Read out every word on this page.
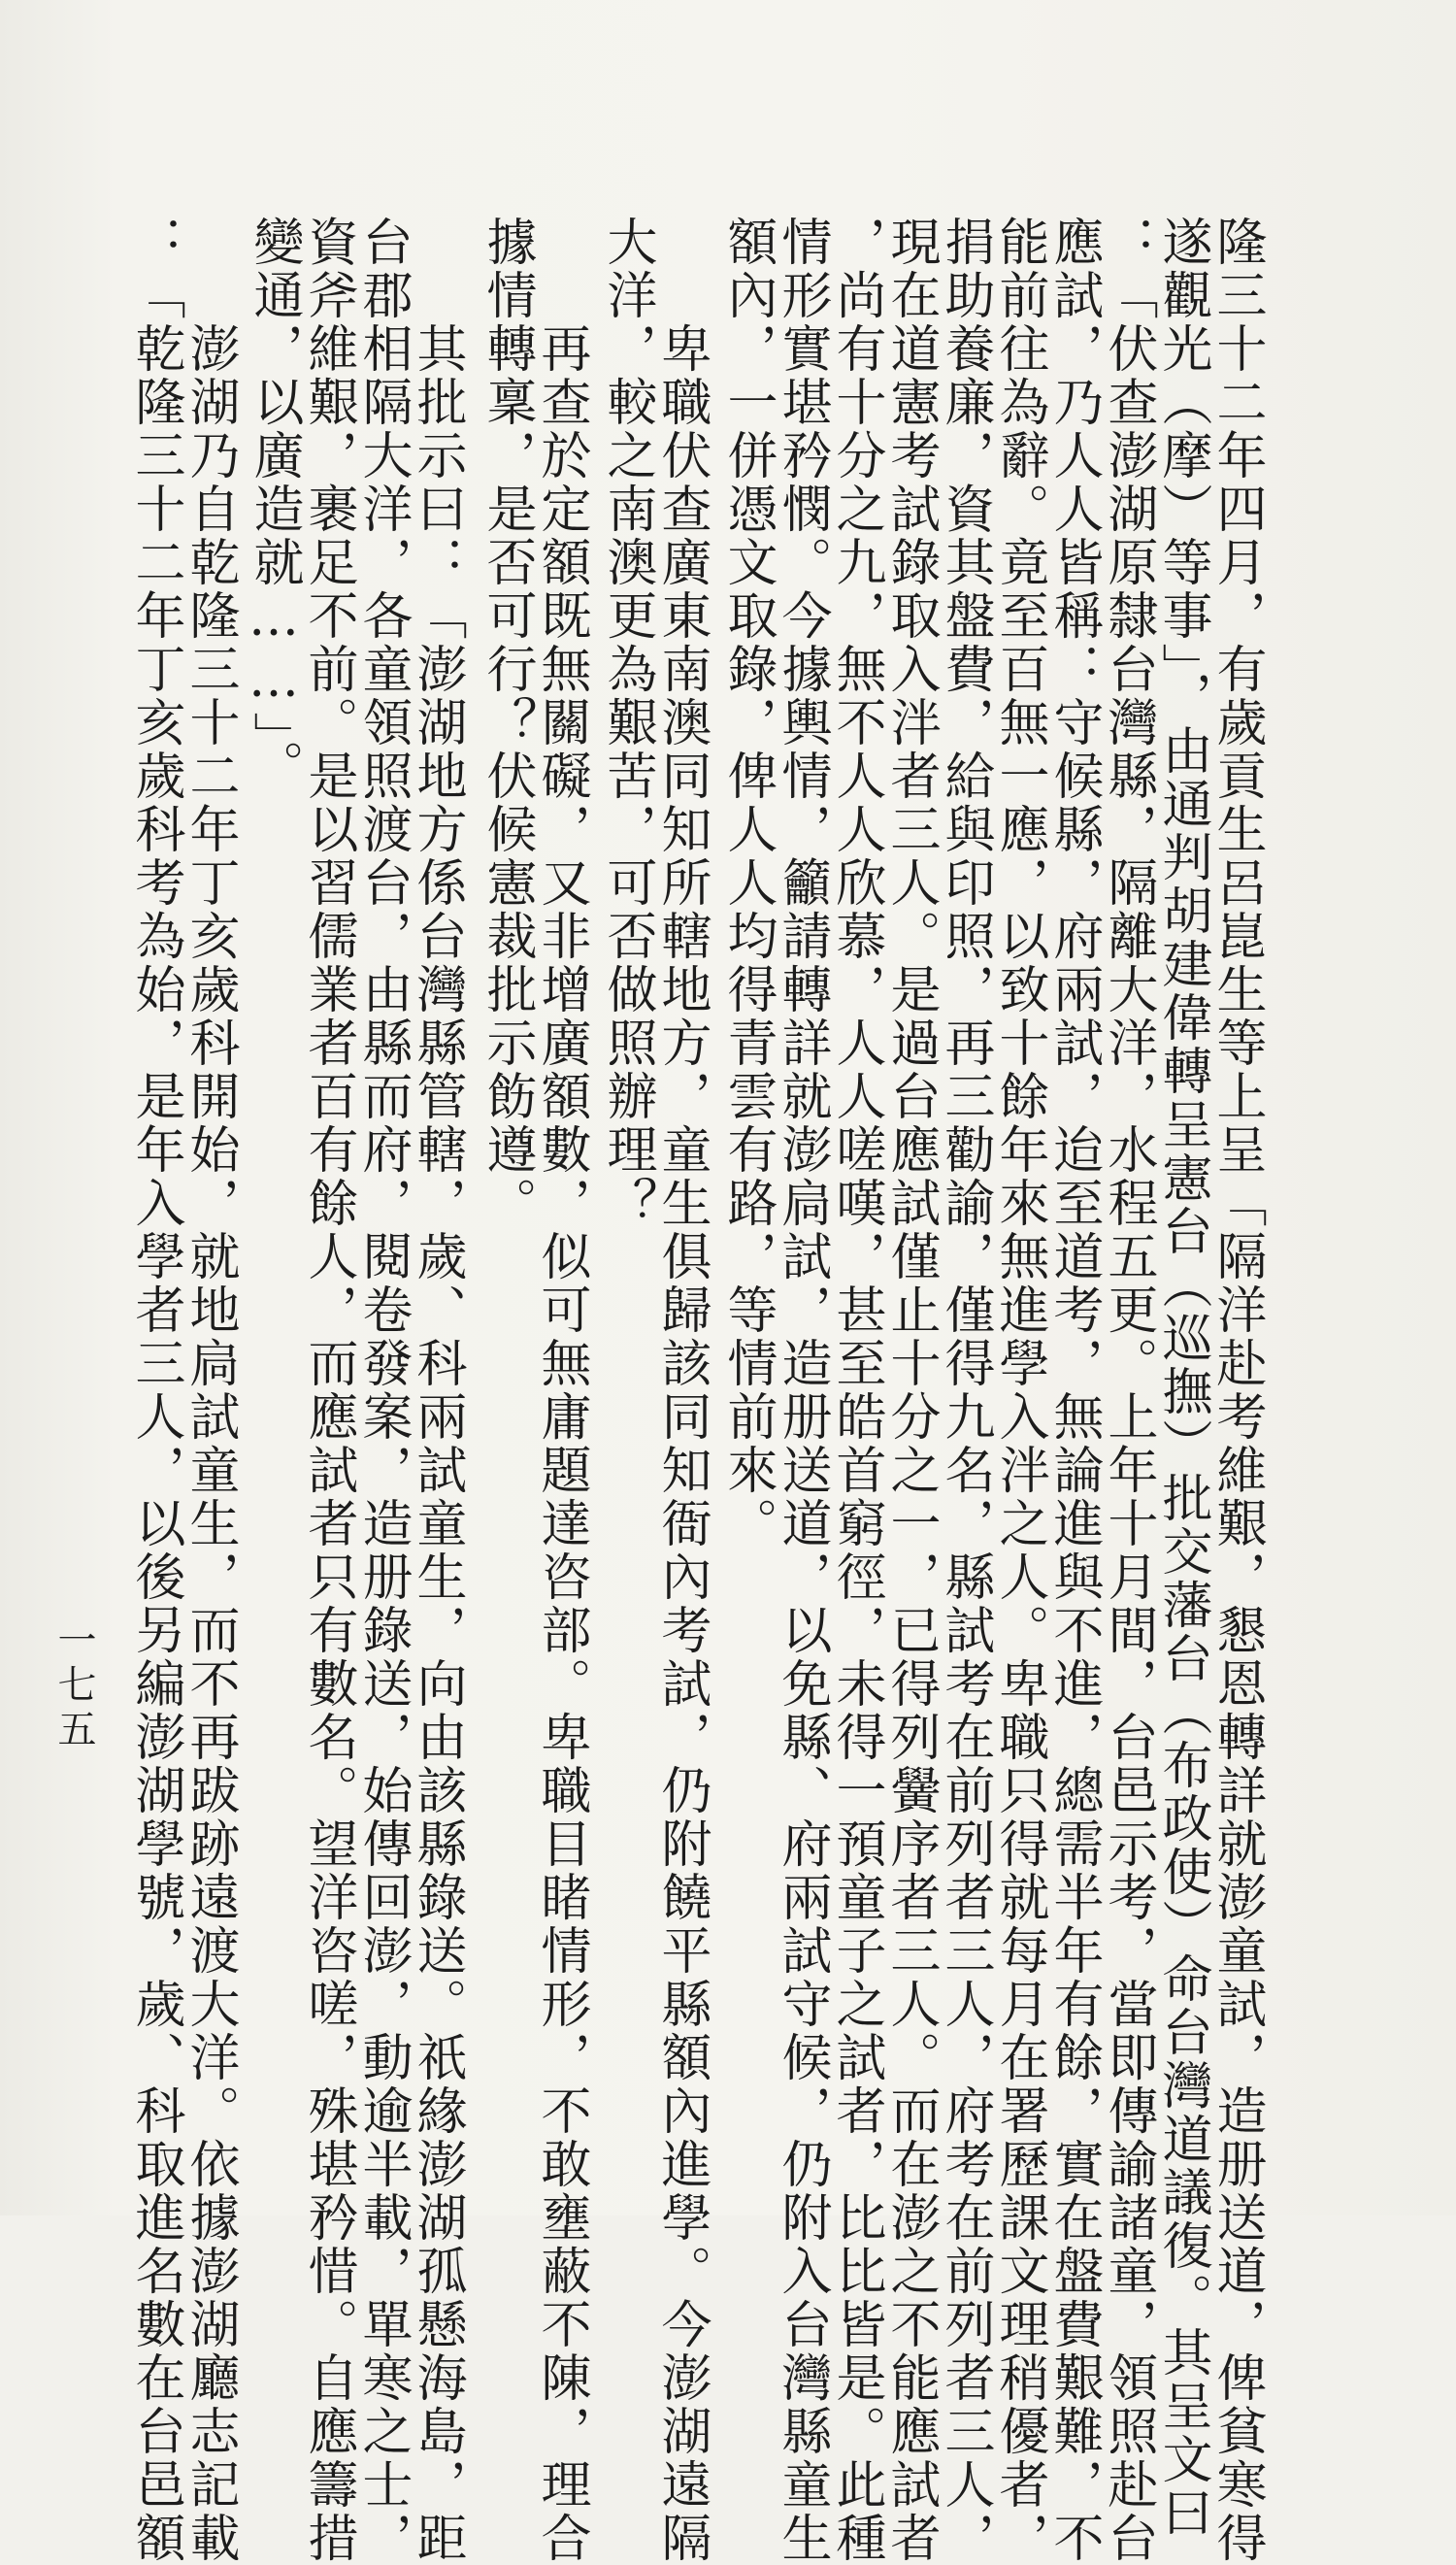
隆三十二年四月，有歲貢生呂崑生等上呈「隔洋赴考維艱，懇恩轉詳就澎童試，造册送道，俾貧寒得
遂觀光（摩）等事」，由通判胡建偉轉呈憲台（巡撫）批交藩台（布政使）命台灣道議復。其呈文曰
：「伏查澎湖原隸台灣縣，隔離大洋，水程五更。上年十月間，台邑示考，當即傳諭諸童，領照赴台
應試，乃人人皆稱：守候縣，府兩試，迨至道考，無論進與不進，總需半年有餘，實在盤費艱難，不
能前往為辭。竟至百無一應，以致十餘年來無進學入泮之人。卑職只得就每月在署歷課文理稍優者，
捐助養廉，資其盤費，給與印照，再三勸諭，僅得九名，縣試考在前列者三人，府考在前列者三人，
現在道憲考試錄取入泮者三人。是過台應試僅止十分之一，已得列黌序者三人。而在澎之不能應試者
，尚有十分之九，無不人人欣慕，人人嗟嘆，甚至皓首窮徑，未得一預童子之試者，比比皆是。此種
情形實堪矜憫。今據輿情，籲請轉詳就澎扃試，造册送道，以免縣、府兩試守候，仍附入台灣縣童生
額內，一併憑文取錄，俾人人均得青雲有路，等情前來。
　　卑職伏查廣東南澳同知所轄地方，童生俱歸該同知衙內考試，仍附饒平縣額內進學。今澎湖遠隔
大洋，較之南澳更為艱苦，可否做照辦理？
　　再查於定額既無關礙，又非增廣額數，似可無庸題達咨部。卑職目睹情形，不敢壅蔽不陳，理合
據情轉稟，是否可行？伏候憲裁批示飭遵。
　　其批示曰：「澎湖地方係台灣縣管轄，歲、科兩試童生，向由該縣錄送。祇緣澎湖孤懸海島，距
台郡相隔大洋，各童領照渡台，由縣而府，閱卷發案，造册錄送，始傳回澎，動逾半載，單寒之士，
資斧維艱，裹足不前。是以習儒業者百有餘人，而應試者只有數名。望洋咨嗟，殊堪矜惜。自應籌措
變通，以廣造就……」。
　　澎湖乃自乾隆三十二年丁亥歲科開始，就地扃試童生，而不再跋跡遠渡大洋。依據澎湖廳志記載
：「乾隆三十二年丁亥歲科考為始，是年入學者三人，以後另編澎湖學號，歲、科取進名數在台邑額
一七五
